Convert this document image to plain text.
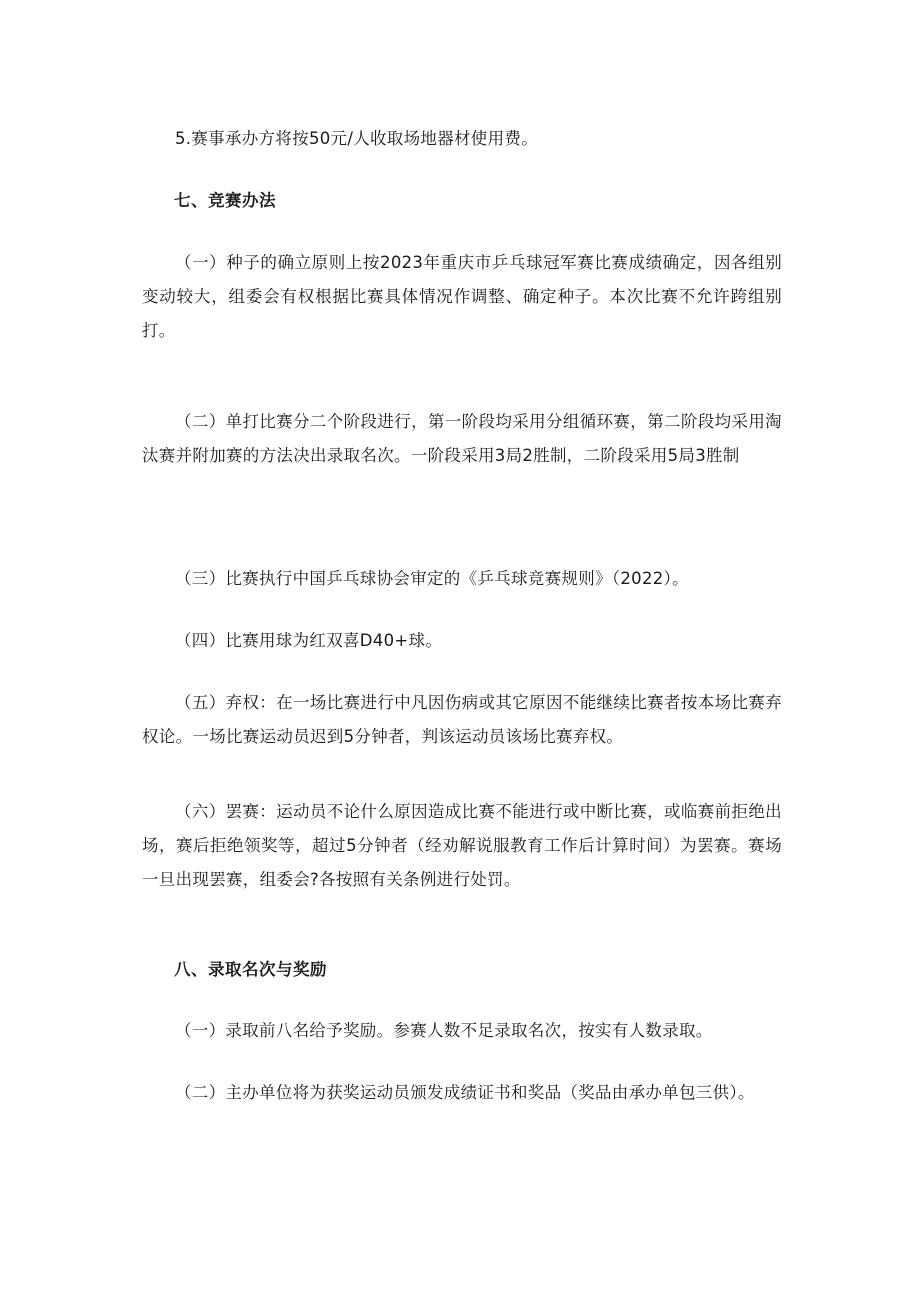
5.赛事承办方将按50元/人收取场地器材使用费。

七、竞赛办法

（一）种子的确立原则上按2023年重庆市乒乓球冠军赛比赛成绩确定，因各组别变动较大，组委会有权根据比赛具体情况作调整、确定种子。本次比赛不允许跨组别打。

（二）单打比赛分二个阶段进行，第一阶段均采用分组循环赛，第二阶段均采用淘汰赛并附加赛的方法决出录取名次。一阶段采用3局2胜制，二阶段采用5局3胜制

（三）比赛执行中国乒乓球协会审定的《乒乓球竞赛规则》（2022）。

（四）比赛用球为红双喜D40+球。

（五）弃权：在一场比赛进行中凡因伤病或其它原因不能继续比赛者按本场比赛弃权论。一场比赛运动员迟到5分钟者，判该运动员该场比赛弃权。

（六）罢赛：运动员不论什么原因造成比赛不能进行或中断比赛，或临赛前拒绝出场，赛后拒绝领奖等，超过5分钟者（经劝解说服教育工作后计算时间）为罢赛。赛场一旦出现罢赛，组委会?各按照有关条例进行处罚。

八、录取名次与奖励

（一）录取前八名给予奖励。参赛人数不足录取名次，按实有人数录取。

（二）主办单位将为获奖运动员颁发成绩证书和奖品（奖品由承办单包三供）。
